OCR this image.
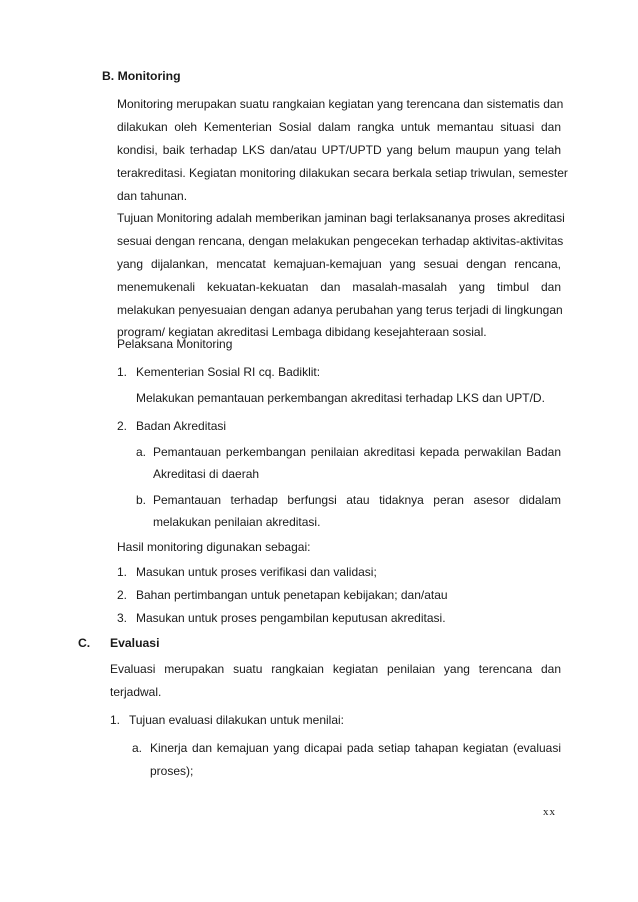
B. Monitoring
Monitoring merupakan suatu rangkaian kegiatan yang terencana dan sistematis dan
dilakukan oleh Kementerian Sosial dalam rangka untuk memantau situasi dan
kondisi, baik terhadap LKS dan/atau UPT/UPTD yang belum maupun yang telah
terakreditasi. Kegiatan monitoring dilakukan secara berkala setiap triwulan, semester
dan tahunan.
Tujuan Monitoring adalah memberikan jaminan bagi terlaksananya proses akreditasi
sesuai dengan rencana, dengan melakukan pengecekan terhadap aktivitas-aktivitas
yang dijalankan, mencatat kemajuan-kemajuan yang sesuai dengan rencana,
menemukenali kekuatan-kekuatan dan masalah-masalah yang timbul dan
melakukan penyesuaian dengan adanya perubahan yang terus terjadi di lingkungan
program/ kegiatan akreditasi Lembaga dibidang kesejahteraan sosial.
Pelaksana Monitoring
1. Kementerian Sosial RI cq. Badiklit:
Melakukan pemantauan perkembangan akreditasi terhadap LKS dan UPT/D.
2. Badan Akreditasi
a. Pemantauan perkembangan penilaian akreditasi kepada perwakilan Badan
Akreditasi di daerah
b. Pemantauan terhadap berfungsi atau tidaknya peran asesor didalam
melakukan penilaian akreditasi.
Hasil monitoring digunakan sebagai:
1. Masukan untuk proses verifikasi dan validasi;
2. Bahan pertimbangan untuk penetapan kebijakan; dan/atau
3. Masukan untuk proses pengambilan keputusan akreditasi.
C. Evaluasi
Evaluasi merupakan suatu rangkaian kegiatan penilaian yang terencana dan
terjadwal.
1. Tujuan evaluasi dilakukan untuk menilai:
a. Kinerja dan kemajuan yang dicapai pada setiap tahapan kegiatan (evaluasi
proses);
xx
